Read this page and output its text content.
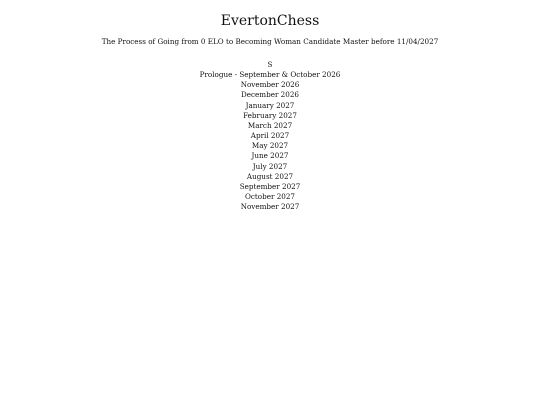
EvertonChess

The Process of Going from 0 ELO to Becoming Woman Candidate Master before 11/04/2027

S
Prologue - September & October 2026
November 2026
December 2026
January 2027
February 2027
March 2027
April 2027
May 2027
June 2027
July 2027
August 2027
September 2027
October 2027
November 2027
